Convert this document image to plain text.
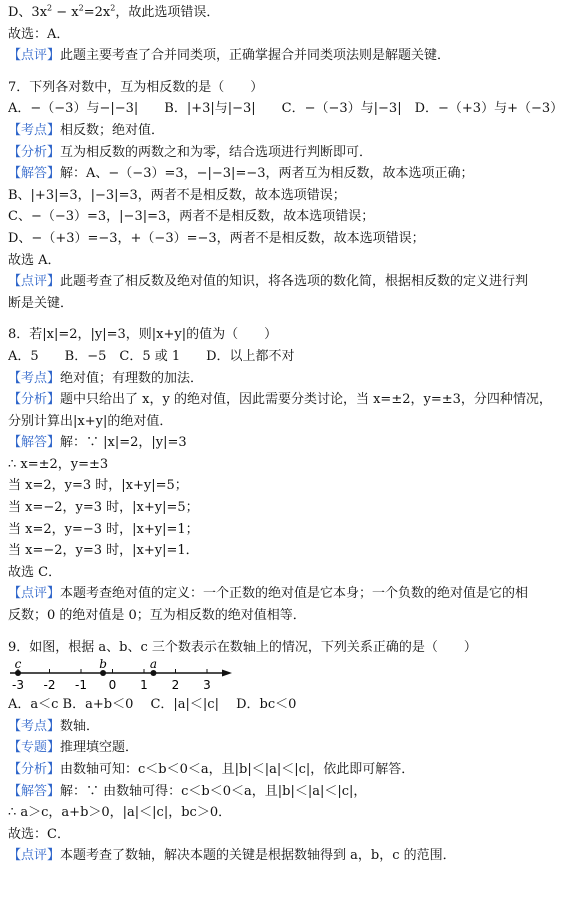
D、$3x^2 - x^2=2x^2$，故此选项错误．
故选：A．
【点评】此题主要考查了合并同类项，正确掌握合并同类项法则是解题关键．
7．下列各对数中，互为相反数的是（　　）
A．−（−3）与−|−3|　　B．|+3|与|−3|　　C．−（−3）与|−3|　D．−（+3）与+（−3）
【考点】相反数；绝对值．
【分析】互为相反数的两数之和为零，结合选项进行判断即可．
【解答】解：A、−（−3）=3，−|−3|=−3，两者互为相反数，故本选项正确；
B、|+3|=3，|−3|=3，两者不是相反数，故本选项错误；
C、−（−3）=3，|−3|=3，两者不是相反数，故本选项错误；
D、−（+3）=−3，+（−3）=−3，两者不是相反数，故本选项错误；
故选 A．
【点评】此题考查了相反数及绝对值的知识，将各选项的数化简，根据相反数的定义进行判
断是关键．
8．若|x|=2，|y|=3，则|x+y|的值为（　　）
A．5　　B．−5　C．5 或 1　　D．以上都不对
【考点】绝对值；有理数的加法．
【分析】题中只给出了 x，y 的绝对值，因此需要分类讨论，当 x=±2，y=±3，分四种情况，
分别计算出|x+y|的绝对值．
【解答】解：∵ |x|=2，|y|=3
∴ x=±2，y=±3
当 x=2，y=3 时，|x+y|=5；
当 x=−2，y=3 时，|x+y|=5；
当 x=2，y=−3 时，|x+y|=1；
当 x=−2，y=3 时，|x+y|=1．
故选 C．
【点评】本题考查绝对值的定义：一个正数的绝对值是它本身；一个负数的绝对值是它的相
反数；0 的绝对值是 0；互为相反数的绝对值相等．
9．如图，根据 a、b、c 三个数表示在数轴上的情况，下列关系正确的是（　　）
-3 -2 -1 0 1 2 3
c	b	a
A．a＜c B．a+b＜0　 C．|a|＜|c|　 D．bc＜0
【考点】数轴．
【专题】推理填空题．
【分析】由数轴可知：c＜b＜0＜a，且|b|＜|a|＜|c|，依此即可解答．
【解答】解：∵ 由数轴可得：c＜b＜0＜a，且|b|＜|a|＜|c|，
∴ a＞c，a+b＞0，|a|＜|c|，bc＞0．
故选：C．
【点评】本题考查了数轴，解决本题的关键是根据数轴得到 a，b，c 的范围．
